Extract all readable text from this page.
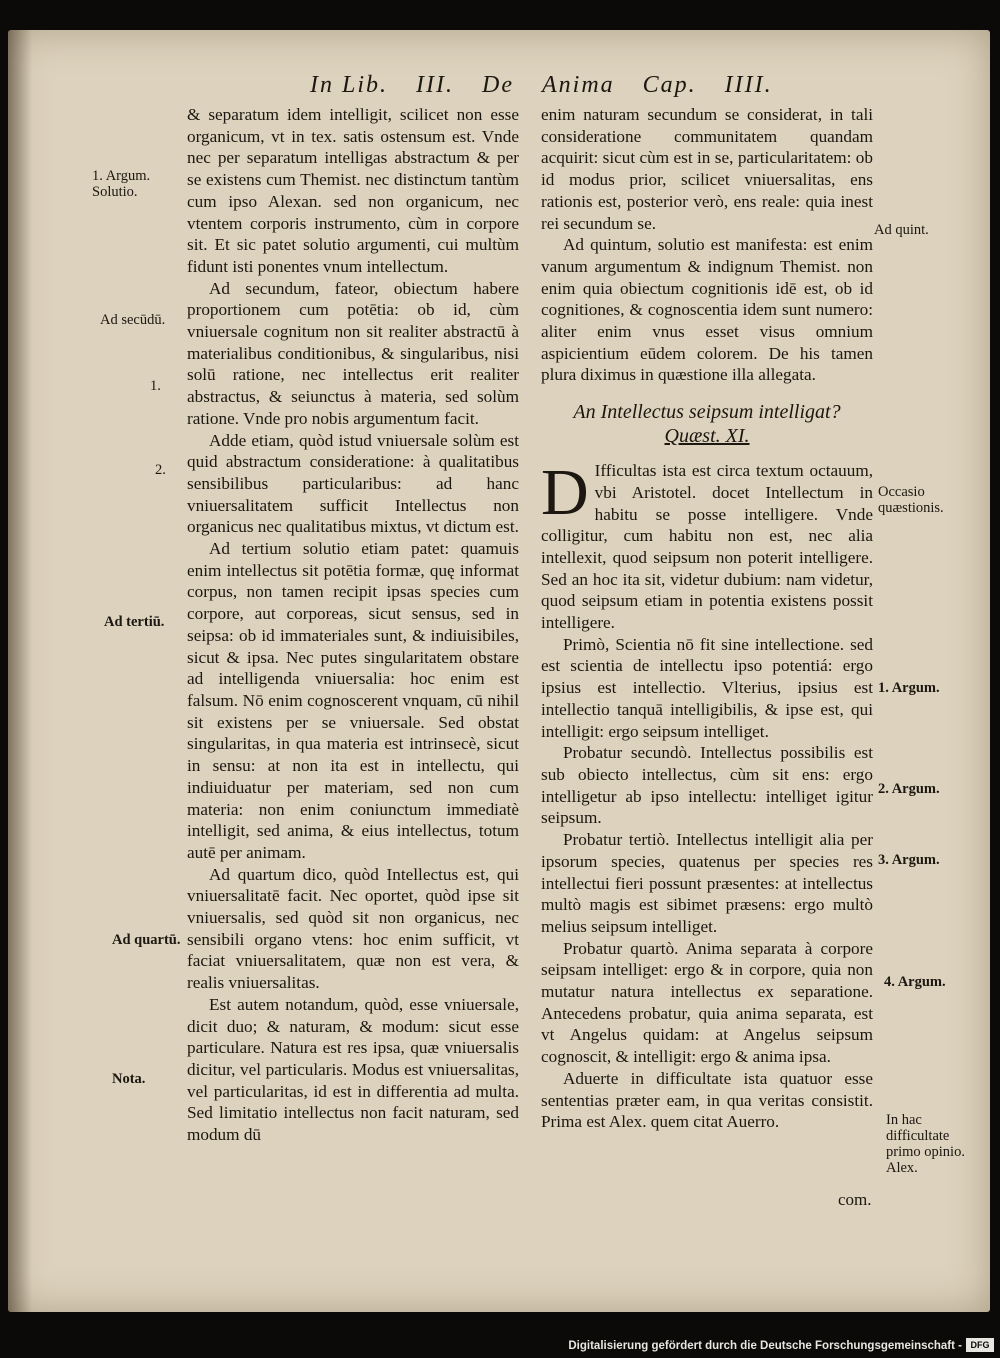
In Lib. III. De Anima Cap. IIII.

& separatum idem intelligit, scilicet non esse organicum, vt in tex. satis ostensum est. Vnde nec per separatum intelligas abstractum & per se existens cum Themist. nec distinctum tantùm cum ipso Alexan. sed non organicum, nec vtentem corporis instrumento, cùm in corpore sit. Et sic patet solutio argumenti, cui multùm fidunt isti ponentes vnum intellectum.

Ad secundum, fateor, obiectum habere proportionem cum potētia: ob id, cùm vniuersale cognitum non sit realiter abstractū à materialibus conditionibus, & singularibus, nisi solū ratione, nec intellectus erit realiter abstractus, & seiunctus à materia, sed solùm ratione. Vnde pro nobis argumentum facit.

Adde etiam, quòd istud vniuersale solùm est quid abstractum consideratione: à qualitatibus sensibilibus particularibus: ad hanc vniuersalitatem sufficit Intellectus non organicus nec qualitatibus mixtus, vt dictum est.

Ad tertium solutio etiam patet: quamuis enim intellectus sit potētia formæ, quę informat corpus, non tamen recipit ipsas species cum corpore, aut corporeas, sicut sensus, sed in seipsa: ob id immateriales sunt, & indiuisibiles, sicut & ipsa. Nec putes singularitatem obstare ad intelligenda vniuersalia: hoc enim est falsum. Nō enim cognoscerent vnquam, cū nihil sit existens per se vniuersale. Sed obstat singularitas, in qua materia est intrinsecè, sicut in sensu: at non ita est in intellectu, qui indiuiduatur per materiam, sed non cum materia: non enim coniunctum immediatè intelligit, sed anima, & eius intellectus, totum autē per animam.

Ad quartum dico, quòd Intellectus est, qui vniuersalitatē facit. Nec oportet, quòd ipse sit vniuersalis, sed quòd sit non organicus, nec sensibili organo vtens: hoc enim sufficit, vt faciat vniuersalitatem, quæ non est vera, & realis vniuersalitas.

Est autem notandum, quòd, esse vniuersale, dicit duo; & naturam, & modum: sicut esse particulare. Natura est res ipsa, quæ vniuersalis dicitur, vel particularis. Modus est vniuersalitas, vel particularitas, id est in differentia ad multa. Sed limitatio intellectus non facit naturam, sed modum dū

enim naturam secundum se considerat, in tali consideratione communitatem quandam acquirit: sicut cùm est in se, particularitatem: ob id modus prior, scilicet vniuersalitas, ens rationis est, posterior verò, ens reale: quia inest rei secundum se.

Ad quintum, solutio est manifesta: est enim vanum argumentum & indignum Themist. non enim quia obiectum cognitionis idē est, ob id cognitiones, & cognoscentia idem sunt numero: aliter enim vnus esset visus omnium aspicientium eūdem colorem. De his tamen plura diximus in quæstione illa allegata.

An Intellectus seipsum intelligat?
Quæst. XI.

D Ifficultas ista est circa textum octauum, vbi Aristotel. docet Intellectum in habitu se posse intelligere. Vnde colligitur, cum habitu non est, nec alia intellexit, quod seipsum non poterit intelligere. Sed an hoc ita sit, videtur dubium: nam videtur, quod seipsum etiam in potentia existens possit intelligere.

Primò, Scientia nō fit sine intellectione. sed est scientia de intellectu ipso potentiá: ergo ipsius est intellectio. Vlterius, ipsius est intellectio tanquā intelligibilis, & ipse est, qui intelligit: ergo seipsum intelliget.

Probatur secundò. Intellectus possibilis est sub obiecto intellectus, cùm sit ens: ergo intelligetur ab ipso intellectu: intelliget igitur seipsum.

Probatur tertiò. Intellectus intelligit alia per ipsorum species, quatenus per species res intellectui fieri possunt præsentes: at intellectus multò magis est sibimet præsens: ergo multò melius seipsum intelliget.

Probatur quartò. Anima separata à corpore seipsam intelliget: ergo & in corpore, quia non mutatur natura intellectus ex separatione. Antecedens probatur, quia anima separata, est vt Angelus quidam: at Angelus seipsum cognoscit, & intelligit: ergo & anima ipsa.

Aduerte in difficultate ista quatuor esse sententias præter eam, in qua veritas consistit. Prima est Alex. quem citat Auerro.

com.
1. Argum. Solutio.
Ad secūdū.
1.
2.
Ad tertiū.
Ad quartū.
Nota.
Ad quint.
Occasio quæstionis.
1. Argum.
2. Argum.
3. Argum.
4. Argum.
In hac difficultate primo opinio. Alex.
Digitalisierung gefördert durch die Deutsche Forschungsgemeinschaft - DFG
